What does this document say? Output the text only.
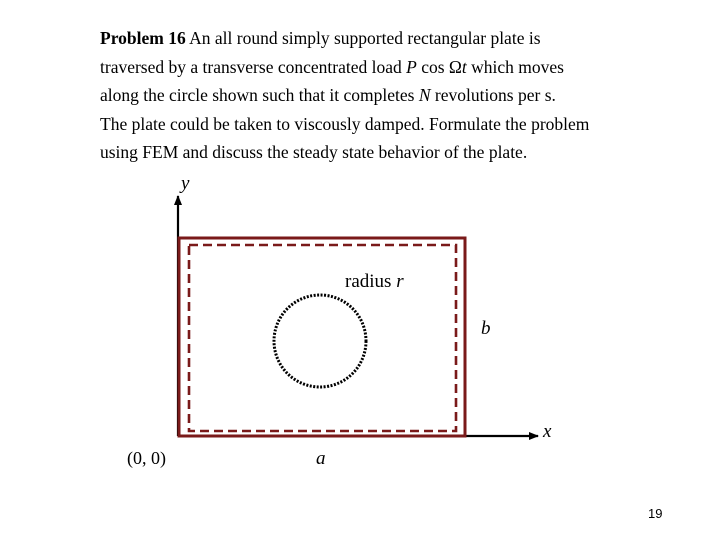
Problem 16 An all round simply supported rectangular plate is
traversed by a transverse concentrated load P cos Ωt which moves
along the circle shown such that it completes N revolutions per s.
The plate could be taken to viscously damped. Formulate the problem
using FEM and discuss the steady state behavior of the plate.
y
x
radius r
b
a
(0, 0)
19
